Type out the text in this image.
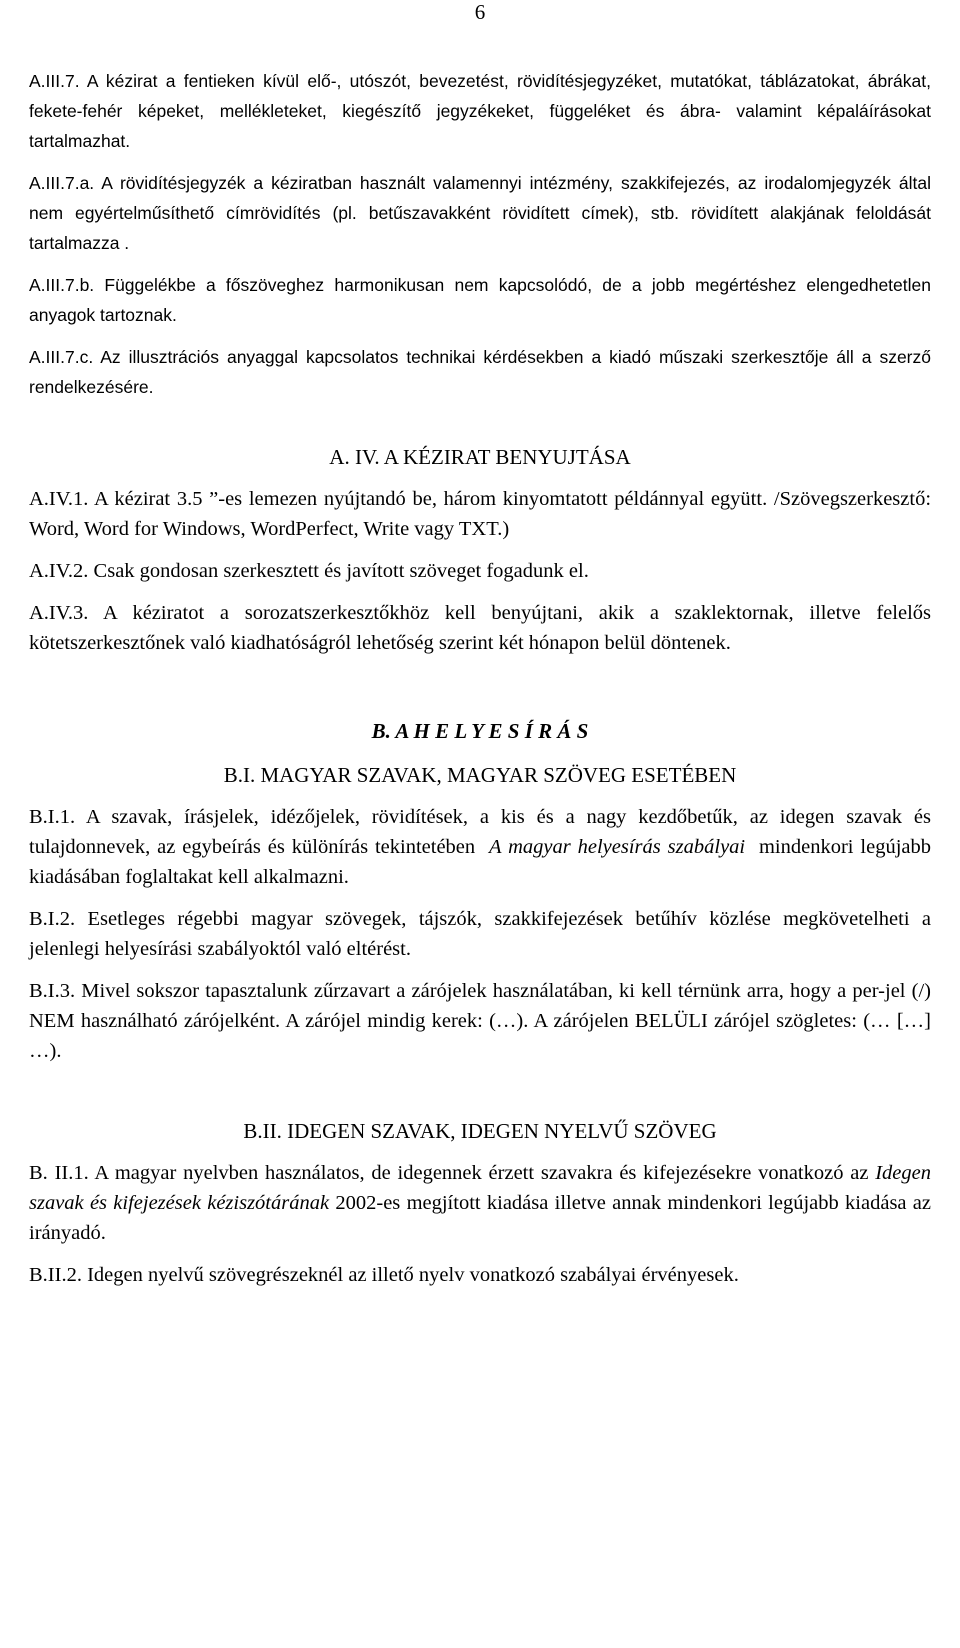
6

A.III.7. A kézirat a fentieken kívül elő-, utószót, bevezetést, rövidítésjegyzéket, mutatókat, táblázatokat, ábrákat, fekete-fehér képeket, mellékleteket, kiegészítő jegyzékeket, függeléket és ábra- valamint képaláírásokat tartalmazhat.

A.III.7.a. A rövidítésjegyzék a kéziratban használt valamennyi intézmény, szakkifejezés, az irodalomjegyzék által nem egyértelműsíthető címrövidítés (pl. betűszavakként rövidített címek), stb. rövidített alakjának feloldását tartalmazza .

A.III.7.b. Függelékbe a főszöveghez harmonikusan nem kapcsolódó, de a jobb megértéshez elengedhetetlen anyagok tartoznak.

A.III.7.c. Az illusztrációs anyaggal kapcsolatos technikai kérdésekben a kiadó műszaki szerkesztője áll a szerző rendelkezésére.

A. IV. A KÉZIRAT BENYUJTÁSA

A.IV.1. A kézirat 3.5 ”-es lemezen nyújtandó be, három kinyomtatott példánnyal együtt. /Szövegszerkesztő: Word, Word for Windows, WordPerfect, Write vagy TXT.)

A.IV.2. Csak gondosan szerkesztett és javított szöveget fogadunk el.

A.IV.3. A kéziratot a sorozatszerkesztőkhöz kell benyújtani, akik a szaklektornak, illetve felelős kötetszerkesztőnek való kiadhatóságról lehetőség szerint két hónapon belül döntenek.

B. A H E L Y E S Í R Á S

B.I. MAGYAR SZAVAK, MAGYAR SZÖVEG ESETÉBEN

B.I.1. A szavak, írásjelek, idézőjelek, rövidítések, a kis és a nagy kezdőbetűk, az idegen szavak és tulajdonnevek, az egybeírás és különírás tekintetében A magyar helyesírás szabályai mindenkori legújabb kiadásában foglaltakat kell alkalmazni.

B.I.2. Esetleges régebbi magyar szövegek, tájszók, szakkifejezések betűhív közlése megkövetelheti a jelenlegi helyesírási szabályoktól való eltérést.

B.I.3. Mivel sokszor tapasztalunk zűrzavart a zárójelek használatában, ki kell térnünk arra, hogy a per-jel (/) NEM használható zárójelként. A zárójel mindig kerek: (…). A zárójelen BELÜLI zárójel szögletes: (… […] …).

B.II. IDEGEN SZAVAK, IDEGEN NYELVŰ SZÖVEG

B. II.1. A magyar nyelvben használatos, de idegennek érzett szavakra és kifejezésekre vonatkozó az Idegen szavak és kifejezések kéziszótárának 2002-es megjított kiadása illetve annak mindenkori legújabb kiadása az irányadó.

B.II.2. Idegen nyelvű szövegrészeknél az illető nyelv vonatkozó szabályai érvényesek.
